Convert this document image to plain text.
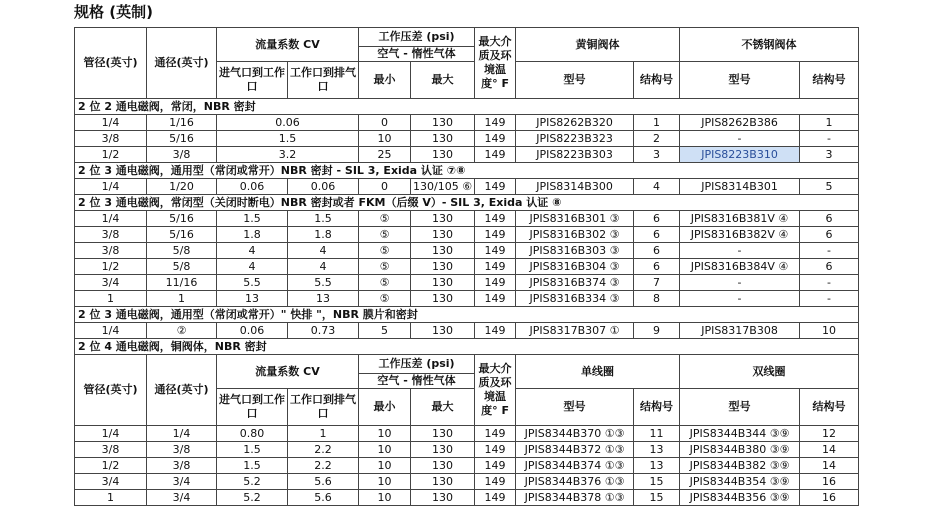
规格 (英制)
管径(英寸)	通径(英寸)	流量系数 CV		工作压差 (psi)		最大介质及环境温度° F	黄铜阀体		不锈钢阀体	
				空气 - 惰性气体						
		进气口到工作口	工作口到排气口	最小	最大		型号	结构号	型号	结构号
2 位 2 通电磁阀，常闭，NBR 密封										
1/4	1/16	0.06		0	130	149	JPIS8262B320	1	JPIS8262B386	1
3/8	5/16	1.5		10	130	149	JPIS8223B323	2	-	-
1/2	3/8	3.2		25	130	149	JPIS8223B303	3	JPIS8223B310	3
2 位 3 通电磁阀，通用型（常闭或常开）NBR 密封 - SIL 3, Exida 认证 ⑦⑧										
1/4	1/20	0.06	0.06	0	130/105 ⑥	149	JPIS8314B300	4	JPIS8314B301	5
2 位 3 通电磁阀，常闭型（关闭时断电）NBR 密封或者 FKM（后缀 V）- SIL 3, Exida 认证 ⑧										
1/4	5/16	1.5	1.5	⑤	130	149	JPIS8316B301 ③	6	JPIS8316B381V ④	6
3/8	5/16	1.8	1.8	⑤	130	149	JPIS8316B302 ③	6	JPIS8316B382V ④	6
3/8	5/8	4	4	⑤	130	149	JPIS8316B303 ③	6	-	-
1/2	5/8	4	4	⑤	130	149	JPIS8316B304 ③	6	JPIS8316B384V ④	6
3/4	11/16	5.5	5.5	⑤	130	149	JPIS8316B374 ③	7	-	-
1	1	13	13	⑤	130	149	JPIS8316B334 ③	8	-	-
2 位 3 通电磁阀，通用型（常闭或常开）" 快排 "，NBR 膜片和密封										
1/4	②	0.06	0.73	5	130	149	JPIS8317B307 ①	9	JPIS8317B308	10
2 位 4 通电磁阀，铜阀体，NBR 密封										
管径(英寸)	通径(英寸)	流量系数 CV		工作压差 (psi)		最大介质及环境温度° F	单线圈		双线圈	
				空气 - 惰性气体						
		进气口到工作口	工作口到排气口	最小	最大		型号	结构号	型号	结构号
1/4	1/4	0.80	1	10	130	149	JPIS8344B370 ①③	11	JPIS8344B344 ③⑨	12
3/8	3/8	1.5	2.2	10	130	149	JPIS8344B372 ①③	13	JPIS8344B380 ③⑨	14
1/2	3/8	1.5	2.2	10	130	149	JPIS8344B374 ①③	13	JPIS8344B382 ③⑨	14
3/4	3/4	5.2	5.6	10	130	149	JPIS8344B376 ①③	15	JPIS8344B354 ③⑨	16
1	3/4	5.2	5.6	10	130	149	JPIS8344B378 ①③	15	JPIS8344B356 ③⑨	16
